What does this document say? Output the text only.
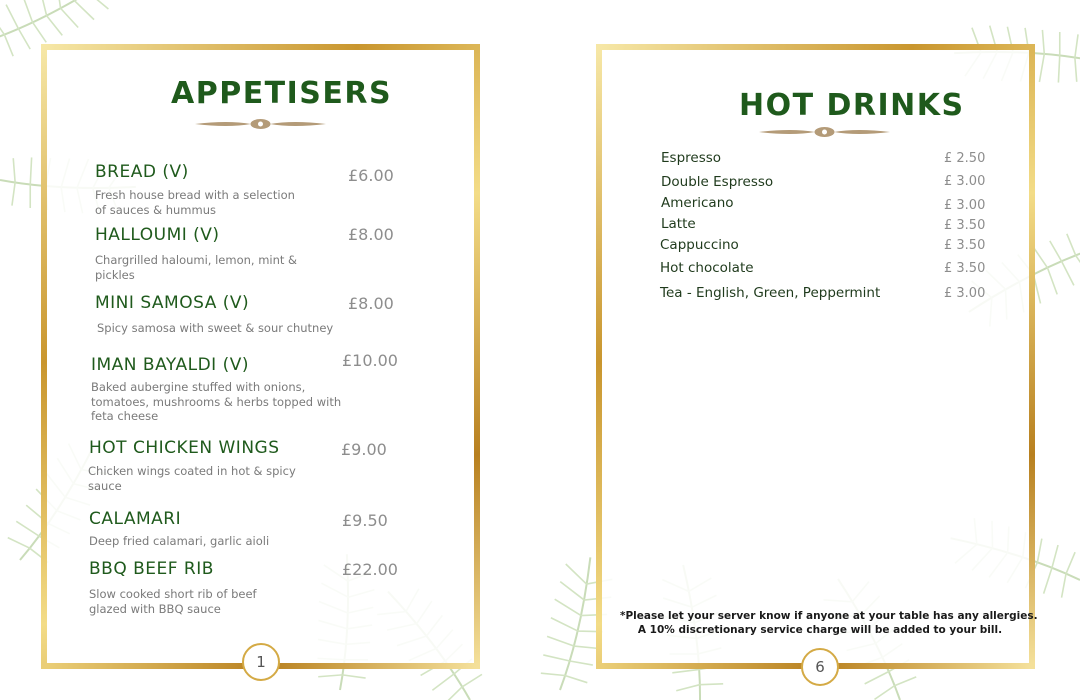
APPETISERS
BREAD (V)	£6.00
Fresh house bread with a selection
of sauces & hummus
HALLOUMI (V)	£8.00
Chargrilled haloumi, lemon, mint &
pickles
MINI SAMOSA (V)	£8.00
Spicy samosa with sweet & sour chutney
IMAN BAYALDI (V)	£10.00
Baked aubergine stuffed with onions,
tomatoes, mushrooms & herbs topped with
feta cheese
HOT CHICKEN WINGS	£9.00
Chicken wings coated in hot & spicy
sauce
CALAMARI	£9.50
Deep fried calamari, garlic aioli
BBQ BEEF RIB	£22.00
Slow cooked short rib of beef
glazed with BBQ sauce
1
HOT DRINKS
Espresso	£ 2.50
Double Espresso	£ 3.00
Americano	£ 3.00
Latte	£ 3.50
Cappuccino	£ 3.50
Hot chocolate	£ 3.50
Tea - English, Green, Peppermint	£ 3.00
*Please let your server know if anyone at your table has any allergies.
A 10% discretionary service charge will be added to your bill.
6
